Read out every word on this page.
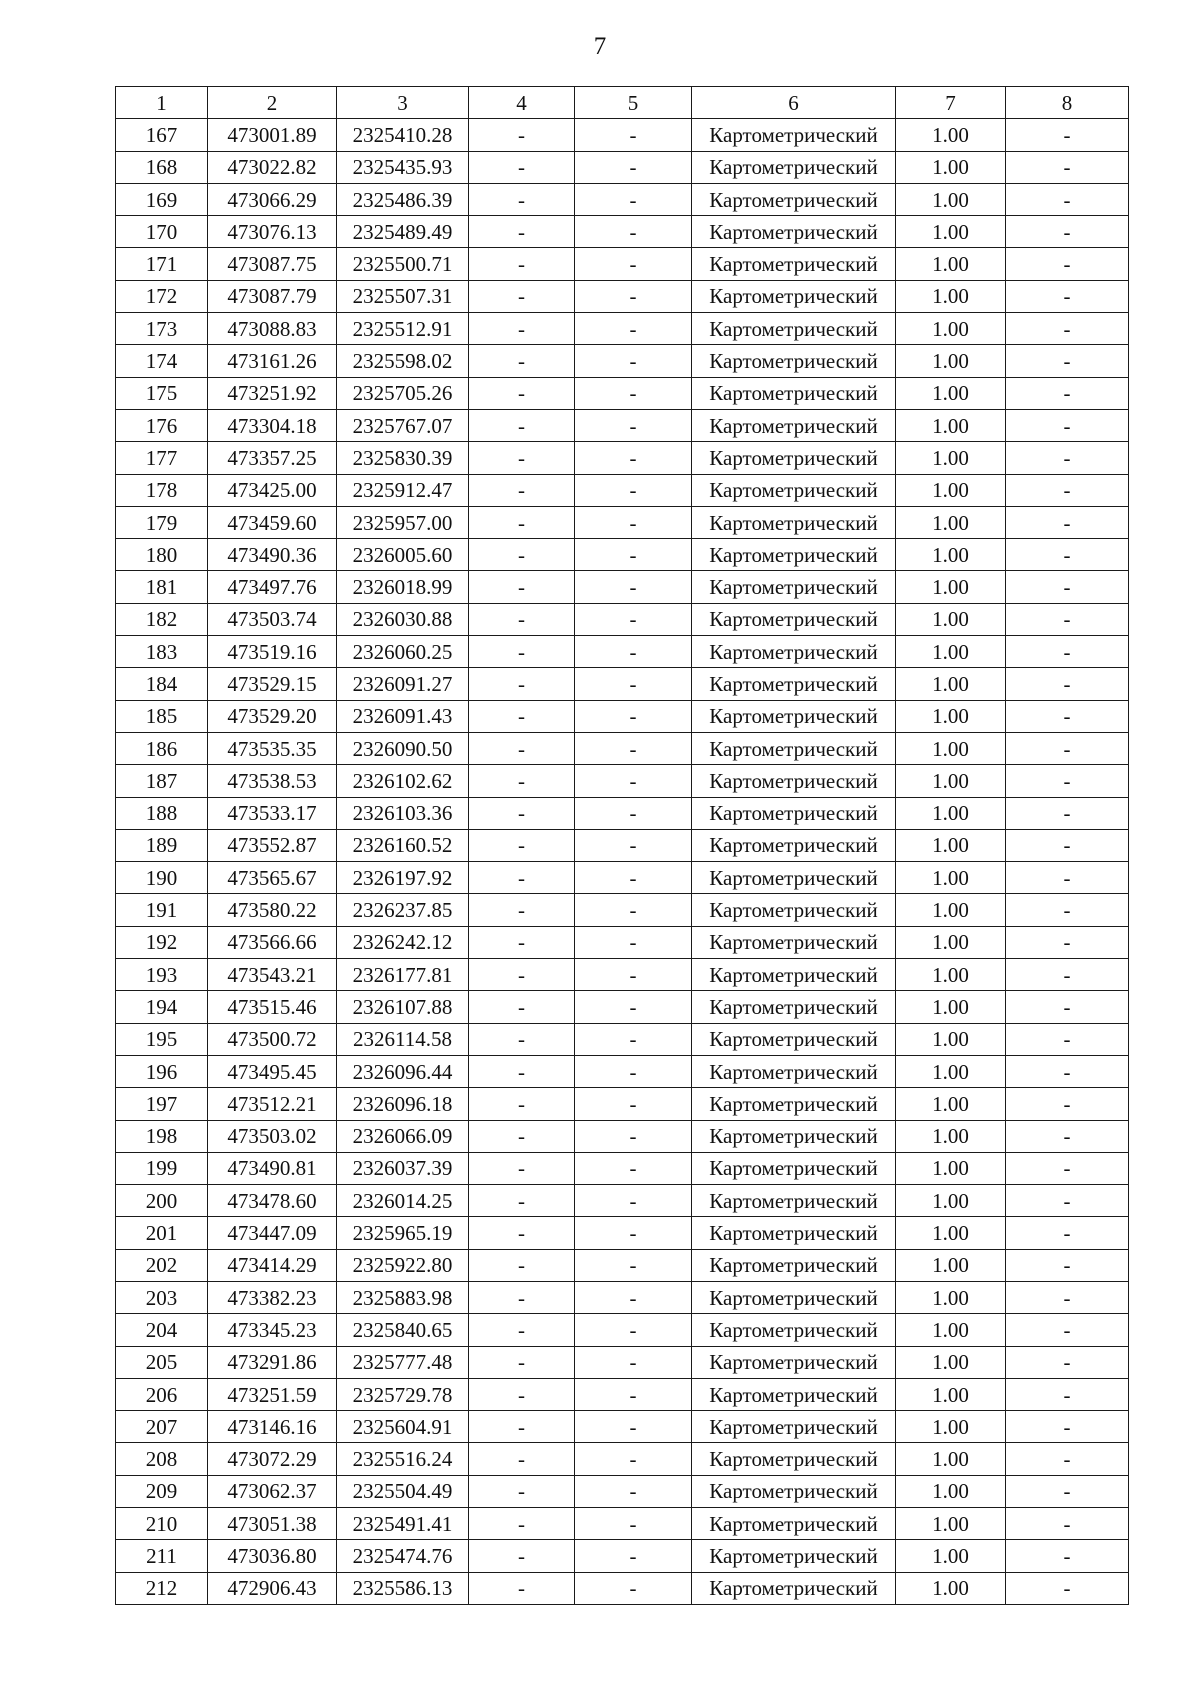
7
1	2	3	4	5	6	7	8
167	473001.89	2325410.28	-	-	Картометрический	1.00	-
168	473022.82	2325435.93	-	-	Картометрический	1.00	-
169	473066.29	2325486.39	-	-	Картометрический	1.00	-
170	473076.13	2325489.49	-	-	Картометрический	1.00	-
171	473087.75	2325500.71	-	-	Картометрический	1.00	-
172	473087.79	2325507.31	-	-	Картометрический	1.00	-
173	473088.83	2325512.91	-	-	Картометрический	1.00	-
174	473161.26	2325598.02	-	-	Картометрический	1.00	-
175	473251.92	2325705.26	-	-	Картометрический	1.00	-
176	473304.18	2325767.07	-	-	Картометрический	1.00	-
177	473357.25	2325830.39	-	-	Картометрический	1.00	-
178	473425.00	2325912.47	-	-	Картометрический	1.00	-
179	473459.60	2325957.00	-	-	Картометрический	1.00	-
180	473490.36	2326005.60	-	-	Картометрический	1.00	-
181	473497.76	2326018.99	-	-	Картометрический	1.00	-
182	473503.74	2326030.88	-	-	Картометрический	1.00	-
183	473519.16	2326060.25	-	-	Картометрический	1.00	-
184	473529.15	2326091.27	-	-	Картометрический	1.00	-
185	473529.20	2326091.43	-	-	Картометрический	1.00	-
186	473535.35	2326090.50	-	-	Картометрический	1.00	-
187	473538.53	2326102.62	-	-	Картометрический	1.00	-
188	473533.17	2326103.36	-	-	Картометрический	1.00	-
189	473552.87	2326160.52	-	-	Картометрический	1.00	-
190	473565.67	2326197.92	-	-	Картометрический	1.00	-
191	473580.22	2326237.85	-	-	Картометрический	1.00	-
192	473566.66	2326242.12	-	-	Картометрический	1.00	-
193	473543.21	2326177.81	-	-	Картометрический	1.00	-
194	473515.46	2326107.88	-	-	Картометрический	1.00	-
195	473500.72	2326114.58	-	-	Картометрический	1.00	-
196	473495.45	2326096.44	-	-	Картометрический	1.00	-
197	473512.21	2326096.18	-	-	Картометрический	1.00	-
198	473503.02	2326066.09	-	-	Картометрический	1.00	-
199	473490.81	2326037.39	-	-	Картометрический	1.00	-
200	473478.60	2326014.25	-	-	Картометрический	1.00	-
201	473447.09	2325965.19	-	-	Картометрический	1.00	-
202	473414.29	2325922.80	-	-	Картометрический	1.00	-
203	473382.23	2325883.98	-	-	Картометрический	1.00	-
204	473345.23	2325840.65	-	-	Картометрический	1.00	-
205	473291.86	2325777.48	-	-	Картометрический	1.00	-
206	473251.59	2325729.78	-	-	Картометрический	1.00	-
207	473146.16	2325604.91	-	-	Картометрический	1.00	-
208	473072.29	2325516.24	-	-	Картометрический	1.00	-
209	473062.37	2325504.49	-	-	Картометрический	1.00	-
210	473051.38	2325491.41	-	-	Картометрический	1.00	-
211	473036.80	2325474.76	-	-	Картометрический	1.00	-
212	472906.43	2325586.13	-	-	Картометрический	1.00	-
